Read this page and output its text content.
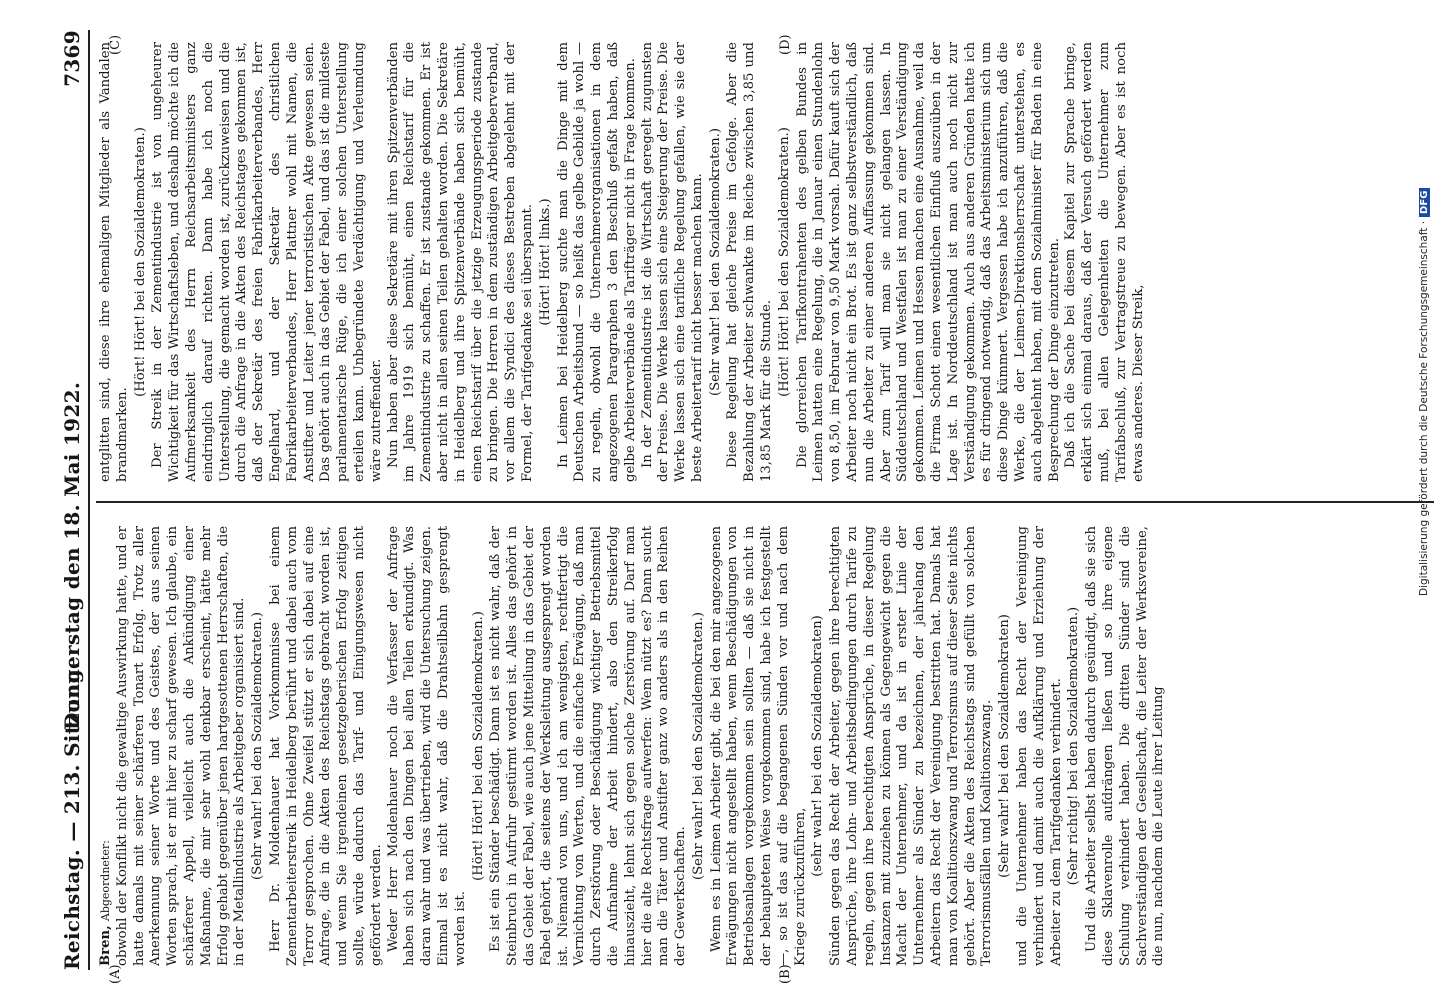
Reichstag. — 213. Sitzung.
Donnerstag den 18. Mai 1922.
7369

Bren, Abgeordneter: obwohl der Konflikt nicht die gewaltige Auswirkung hatte, und er hatte damals mit seiner schärferen Tonart Erfolg. Trotz aller Anerkennung seiner Worte und des Geistes, der aus seinen Worten sprach, ist er mit hier zu scharf gewesen. Ich glaube, ein schärferer Appell, vielleicht auch die Ankündigung einer Maßnahme, die mir sehr wohl denkbar erscheint, hätte mehr Erfolg gehabt gegenüber jenen hartgesottenen Herrschaften, die in der Metallindustrie als Arbeitgeber organisiert sind. (Sehr wahr! bei den Sozialdemokraten.) Herr Dr. Moldenhauer hat Vorkommnisse bei einem Zementarbeiterstreik in Heidelberg berührt und dabei auch vom Terror gesprochen. Ohne Zweifel stützt er sich dabei auf eine Anfrage, die in die Akten des Reichstags gebracht worden ist, und wenn Sie irgendeinen gesetzgeberischen Erfolg zeitigen sollte, würde dadurch das Tarif- und Einigungswesen nicht gefördert werden. Weder Herr Moldenhauer noch die Verfasser der Anfrage haben sich nach den Dingen bei allen Teilen erkundigt. Was daran wahr und was übertrieben, wird die Untersuchung zeigen. Einmal ist es nicht wahr, daß die Drahtseilbahn gesprengt worden ist.

(Hört! Hört! bei den Sozialdemokraten.) Es ist ein Ständer beschädigt. Dann ist es nicht wahr, daß der Steinbruch in Aufruhr gestürmt worden ist. Alles das gehört in das Gebiet der Fabel, wie auch jene Mitteilung in das Gebiet der Fabel gehört, die seitens der Werksleitung ausgesprengt worden ist. Niemand von uns, und ich am wenigsten, rechtfertigt die Vernichtung von Werten, und die einfache Erwägung, daß man durch Zerstörung oder Beschädigung wichtiger Betriebsmittel die Aufnahme der Arbeit hindert, also den Streikerfolg hinauszieht, lehnt sich gegen solche Zerstörung auf. Darf man hier die alte Rechtsfrage aufwerfen: Wem nützt es? Dann sucht man die Täter und Anstifter ganz wo anders als in den Reihen der Gewerkschaften.

(Sehr wahr! bei den Sozialdemokraten.) Wenn es in Leimen Arbeiter gibt, die bei den mir angezogenen Erwägungen nicht angestellt haben, wenn Beschädigungen von Betriebsanlagen vorgekommen sein sollten — daß sie nicht in der behaupteten Weise vorgekommen sind, habe ich festgestellt —, so ist das auf die begangenen Sünden vor und nach dem Kriege zurückzuführen,

(sehr wahr! bei den Sozialdemokraten) Sünden gegen das Recht der Arbeiter, gegen ihre berechtigten Ansprüche, ihre Lohn- und Arbeitsbedingungen durch Tarife zu regeln, gegen ihre berechtigten Ansprüche, in dieser Regelung Instanzen mit zuziehen zu können als Gegengewicht gegen die Macht der Unternehmer, und da ist in erster Linie der Unternehmer als Sünder zu bezeichnen, der jahrelang den Arbeitern das Recht der Vereinigung bestritten hat. Damals hat man von Koalitionszwang und Terrorismus auf dieser Seite nichts gehört. Aber die Akten des Reichstags sind gefüllt von solchen Terrorismusfällen und Koalitionszwang. (Sehr wahr! bei den Sozialdemokraten) und die Unternehmer haben das Recht der Vereinigung verhindert und damit auch die Aufklärung und Erziehung der Arbeiter zu dem Tarifgedanken verhindert. (Sehr richtig! bei den Sozialdemokraten.) Und die Arbeiter selbst haben dadurch gesündigt, daß sie sich diese Sklavenrolle aufdrängen ließen und so ihre eigene Schulung verhindert haben. Die dritten Sünder sind die Sachverständigen der Gesellschaft, die Leiter der Werksvereine, die nun, nachdem die Leute ihrer Leitung

entglitten sind, diese ihre ehemaligen Mitglieder als Vandalen brandmarken.

(Hört! Hört! bei den Sozialdemokraten.) Der Streik in der Zementindustrie ist von ungeheurer Wichtigkeit für das Wirtschaftsleben, und deshalb möchte ich die Aufmerksamkeit des Herrn Reichsarbeitsministers ganz eindringlich darauf richten. Dann habe ich noch die Unterstellung, die gemacht worden ist, zurückzuweisen und die durch die Anfrage in die Akten des Reichstages gekommen ist, daß der Sekretär des freien Fabrikarbeiterverbandes, Herr Engelhard, und der Sekretär des christlichen Fabrikarbeiterverbandes, Herr Plattner wohl mit Namen, die Anstifter und Leiter jener terroristischen Akte gewesen seien. Das gehört auch in das Gebiet der Fabel, und das ist die mildeste parlamentarische Rüge, die ich einer solchen Unterstellung erteilen kann. Unbegründete Verdächtigung und Verleumdung wäre zutreffender. Nun haben aber diese Sekretäre mit ihren Spitzenverbänden im Jahre 1919 sich bemüht, einen Reichstarif für die Zementindustrie zu schaffen. Er ist zustande gekommen. Er ist aber nicht in allen seinen Teilen gehalten worden. Die Sekretäre in Heidelberg und ihre Spitzenverbände haben sich bemüht, einen Reichstarif über die jetzige Erzeugungsperiode zustande zu bringen. Die Herren in dem zuständigen Arbeitgeberverband, vor allem die Syndici des dieses Bestreben abgelehnt mit der Formel, der Tarifgedanke sei überspannt. (Hört! Hört! links.) In Leimen bei Heidelberg suchte man die Dinge mit dem Deutschen Arbeitsbund — so heißt das gelbe Gebilde ja wohl — zu regeln, obwohl die Unternehmerorganisationen in dem angezogenen Paragraphen 3 den Beschluß gefaßt haben, daß gelbe Arbeiterverbände als Tarifträger nicht in Frage kommen. In der Zementindustrie ist die Wirtschaft geregelt zugunsten der Preise. Die Werke lassen sich eine Steigerung der Preise. Die Werke lassen sich eine tarifliche Regelung gefallen, wie sie der beste Arbeitertarif nicht besser machen kann. (Sehr wahr! bei den Sozialdemokraten.) Diese Regelung hat gleiche Preise im Gefolge. Aber die Bezahlung der Arbeiter schwankte im Reiche zwischen 3,85 und 13,85 Mark für die Stunde. (Hört! Hört! bei den Sozialdemokraten.) Die glorreichen Tarifkontrahenten des gelben Bundes in Leimen hatten eine Regelung, die in Januar einen Stundenlohn von 8,50, im Februar von 9,50 Mark vorsah. Dafür kauft sich der Arbeiter noch nicht ein Brot. Es ist ganz selbstverständlich, daß nun die Arbeiter zu einer anderen Auffassung gekommen sind. Aber zum Tarif will man sie nicht gelangen lassen. In Süddeutschland und Westfalen ist man zu einer Verständigung gekommen. Leimen und Hessen machen eine Ausnahme, weil da die Firma Schott einen wesentlichen Einfluß auszuüben in der Lage ist. In Norddeutschland ist man auch noch nicht zur Verständigung gekommen. Auch aus anderen Gründen hatte ich es für dringend notwendig, daß das Arbeitsministerium sich um diese Dinge kümmert. Vergessen habe ich anzuführen, daß die Werke, die der Leimen-Direktionsherrschaft unterstehen, es auch abgelehnt haben, mit dem Sozialminister für Baden in eine Besprechung der Dinge einzutreten. Daß ich die Sache bei diesem Kapitel zur Sprache bringe, erklärt sich einmal daraus, daß der Versuch gefördert werden muß, bei allen Gelegenheiten die Unternehmer zum Tarifabschluß, zur Vertragstreue zu bewegen. Aber es ist noch etwas anderes. Dieser Streik,

(A)	(B)
(C)	(D)
Digitalisierung gefördert durch die Deutsche Forschungsgemeinschaft ·DFG
